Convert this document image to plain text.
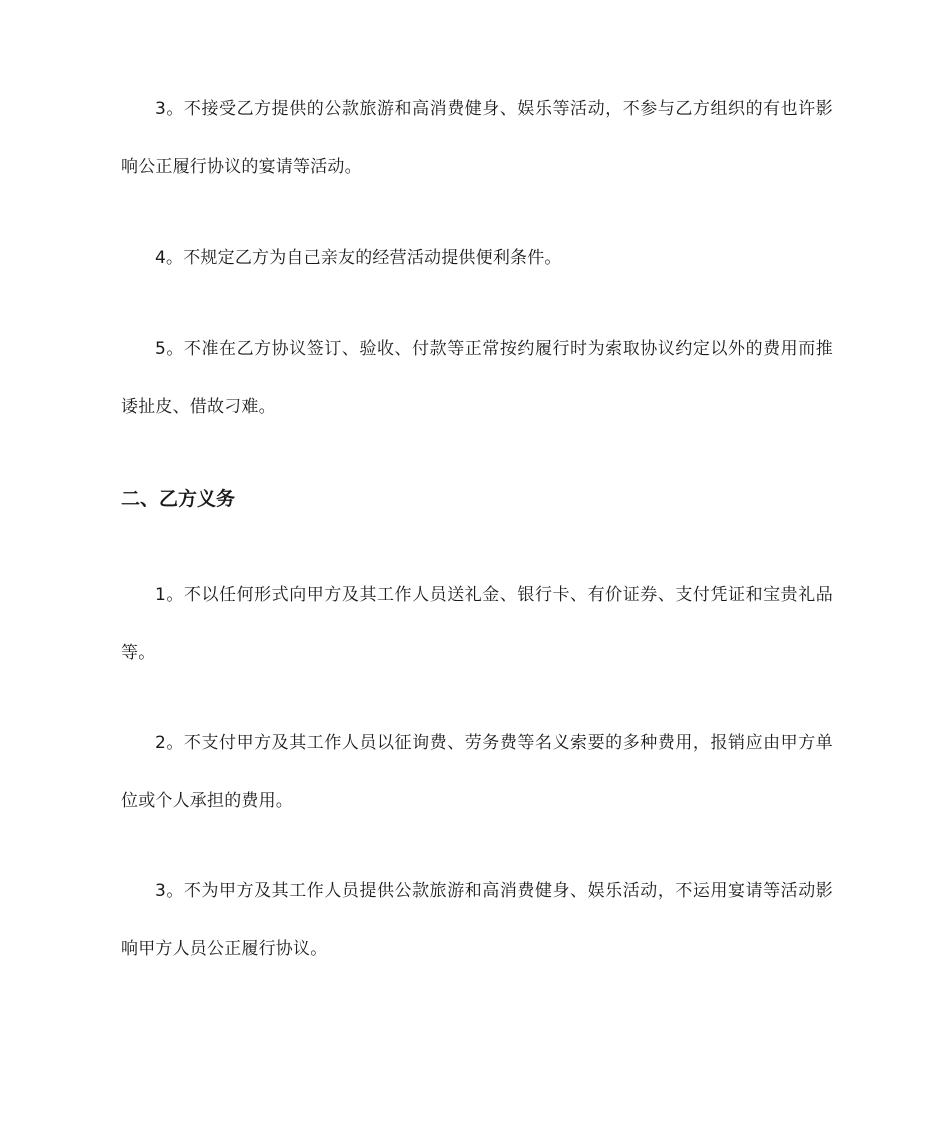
3。不接受乙方提供的公款旅游和高消费健身、娱乐等活动，不参与乙方组织的有也许影响公正履行协议的宴请等活动。

4。不规定乙方为自己亲友的经营活动提供便利条件。

5。不准在乙方协议签订、验收、付款等正常按约履行时为索取协议约定以外的费用而推诿扯皮、借故刁难。

二、乙方义务

1。不以任何形式向甲方及其工作人员送礼金、银行卡、有价证券、支付凭证和宝贵礼品等。

2。不支付甲方及其工作人员以征询费、劳务费等名义索要的多种费用，报销应由甲方单位或个人承担的费用。

3。不为甲方及其工作人员提供公款旅游和高消费健身、娱乐活动，不运用宴请等活动影响甲方人员公正履行协议。
